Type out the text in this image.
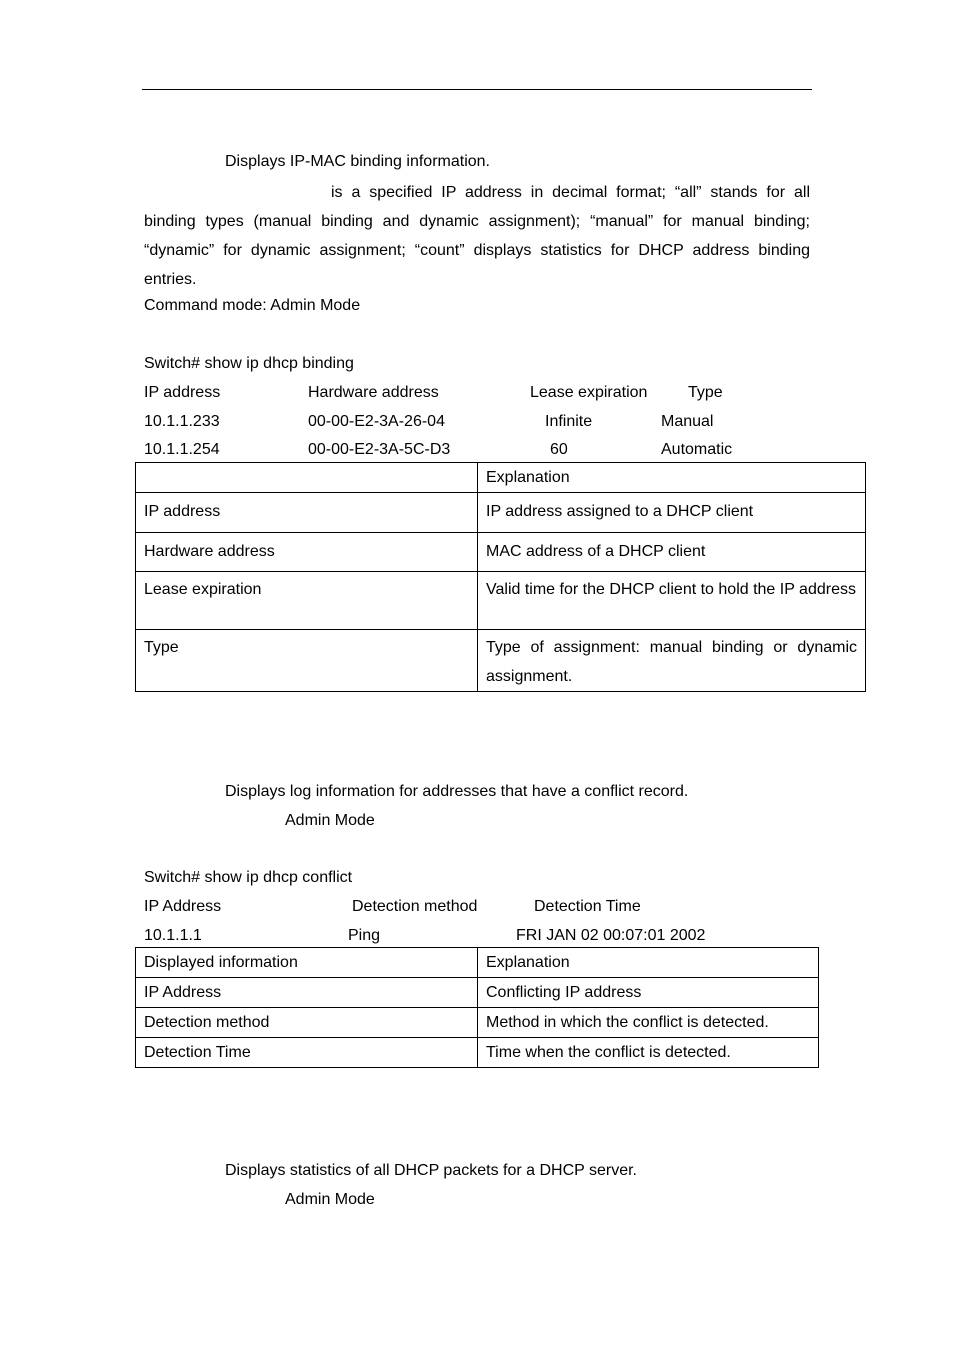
Displays IP-MAC binding information.
is a specified IP address in decimal format; “all” stands for all binding types (manual binding and dynamic assignment); “manual” for manual binding; “dynamic” for dynamic assignment; “count” displays statistics for DHCP address binding entries.
Command mode: Admin Mode
Switch# show ip dhcp binding
IP address	Hardware address	Lease expiration	Type
10.1.1.233	00-00-E2-3A-26-04	Infinite	Manual
10.1.1.254	00-00-E2-3A-5C-D3	60	Automatic
	Explanation
IP address	IP address assigned to a DHCP client
Hardware address	MAC address of a DHCP client
Lease expiration	Valid time for the DHCP client to hold the IP address
Type	Type of assignment: manual binding or dynamic assignment.
Displays log information for addresses that have a conflict record.
Admin Mode
Switch# show ip dhcp conflict
IP Address	Detection method	Detection Time
10.1.1.1	Ping	FRI JAN 02 00:07:01 2002
Displayed information	Explanation
IP Address	Conflicting IP address
Detection method	Method in which the conflict is detected.
Detection Time	Time when the conflict is detected.
Displays statistics of all DHCP packets for a DHCP server.
Admin Mode
